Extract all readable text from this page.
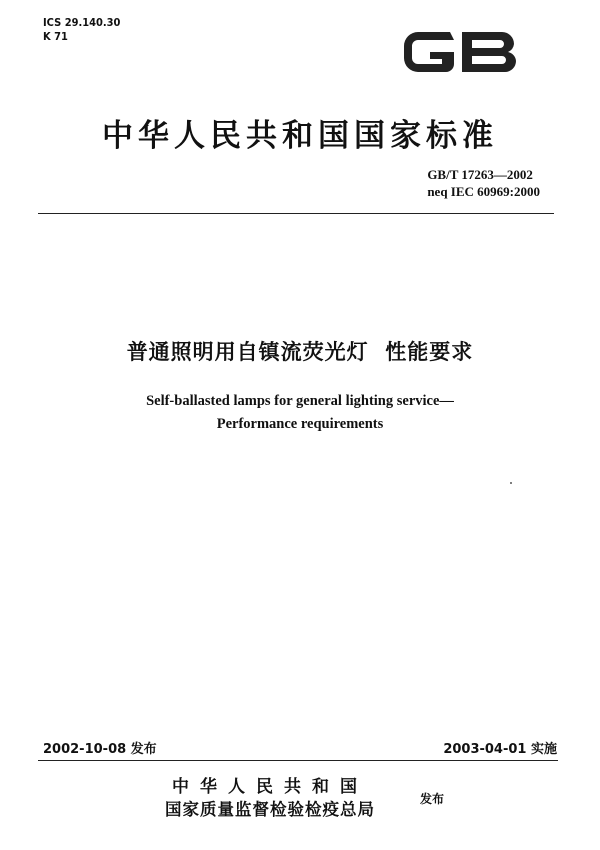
ICS 29.140.30
K 71
中华人民共和国国家标准
GB/T 17263—2002
neq IEC 60969:2000
普通照明用自镇流荧光灯  性能要求
Self-ballasted lamps for general lighting service—
Performance requirements
2002-10-08 发布	2003-04-01 实施
中华人民共和国
国家质量监督检验检疫总局
发布
